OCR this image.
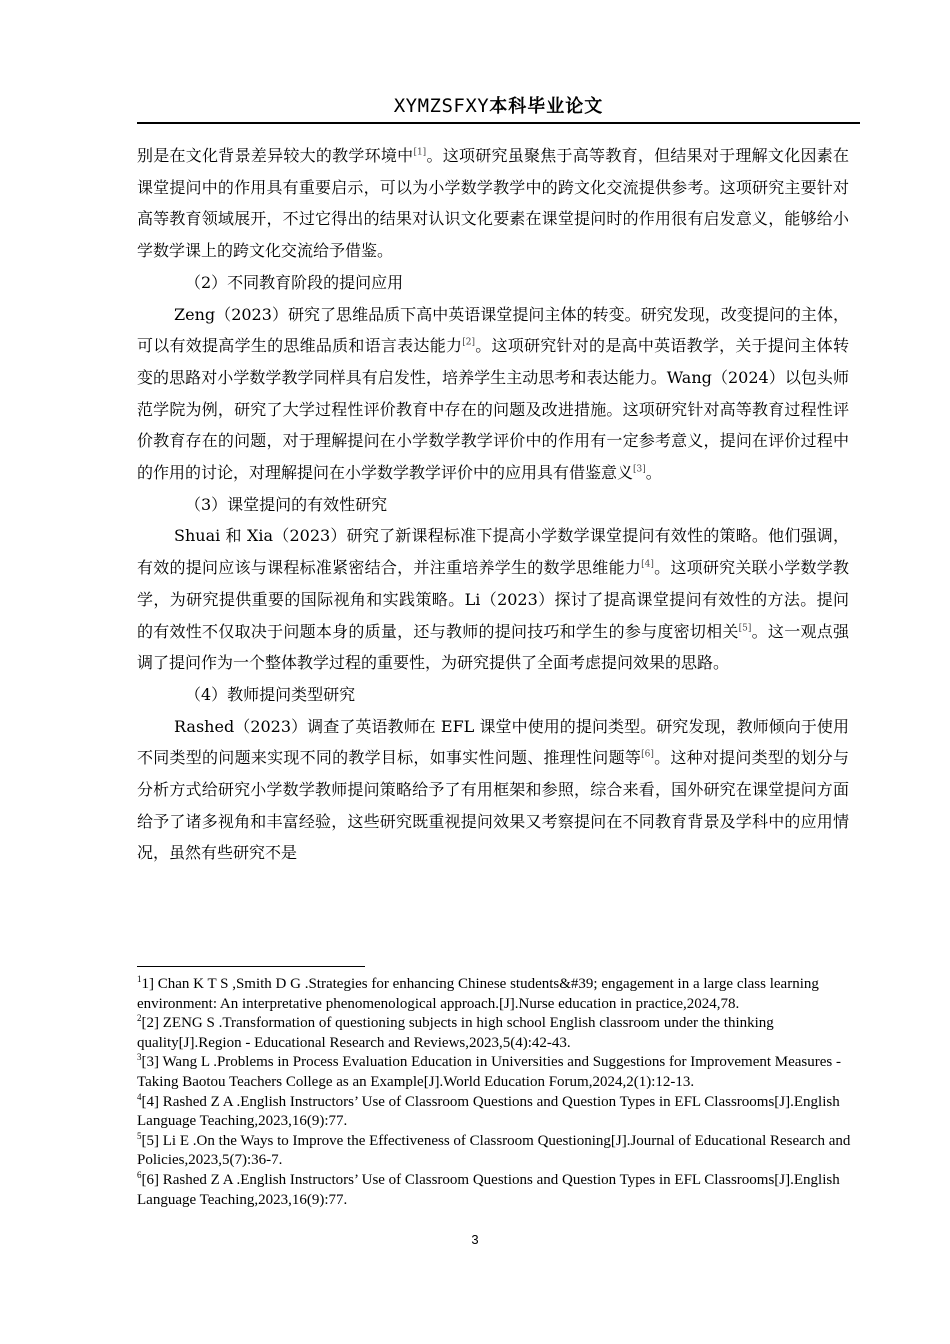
XYMZSFXY本科毕业论文

别是在文化背景差异较大的教学环境中[1]。这项研究虽聚焦于高等教育，但结果对于理解文化因素在课堂提问中的作用具有重要启示，可以为小学数学教学中的跨文化交流提供参考。这项研究主要针对高等教育领域展开，不过它得出的结果对认识文化要素在课堂提问时的作用很有启发意义，能够给小学数学课上的跨文化交流给予借鉴。

（2）不同教育阶段的提问应用

Zeng（2023）研究了思维品质下高中英语课堂提问主体的转变。研究发现，改变提问的主体，可以有效提高学生的思维品质和语言表达能力[2]。这项研究针对的是高中英语教学，关于提问主体转变的思路对小学数学教学同样具有启发性，培养学生主动思考和表达能力。Wang（2024）以包头师范学院为例，研究了大学过程性评价教育中存在的问题及改进措施。这项研究针对高等教育过程性评价教育存在的问题，对于理解提问在小学数学教学评价中的作用有一定参考意义，提问在评价过程中的作用的讨论，对理解提问在小学数学教学评价中的应用具有借鉴意义[3]。

（3）课堂提问的有效性研究

Shuai 和 Xia（2023）研究了新课程标准下提高小学数学课堂提问有效性的策略。他们强调，有效的提问应该与课程标准紧密结合，并注重培养学生的数学思维能力[4]。这项研究关联小学数学教学，为研究提供重要的国际视角和实践策略。Li（2023）探讨了提高课堂提问有效性的方法。提问的有效性不仅取决于问题本身的质量，还与教师的提问技巧和学生的参与度密切相关[5]。这一观点强调了提问作为一个整体教学过程的重要性，为研究提供了全面考虑提问效果的思路。

（4）教师提问类型研究

Rashed（2023）调查了英语教师在 EFL 课堂中使用的提问类型。研究发现，教师倾向于使用不同类型的问题来实现不同的教学目标，如事实性问题、推理性问题等[6]。这种对提问类型的划分与分析方式给研究小学数学教师提问策略给予了有用框架和参照，综合来看，国外研究在课堂提问方面给予了诸多视角和丰富经验，这些研究既重视提问效果又考察提问在不同教育背景及学科中的应用情况，虽然有些研究不是

$^1$1] Chan K T S ,Smith D G .Strategies for enhancing Chinese students&#39; engagement in a large class learning environment: An interpretative phenomenological approach.[J].Nurse education in practice,2024,78.

$^2$[2] ZENG S .Transformation of questioning subjects in high school English classroom under the thinking quality[J].Region - Educational Research and Reviews,2023,5(4):42-43.

$^3$[3] Wang L .Problems in Process Evaluation Education in Universities and Suggestions for Improvement Measures - Taking Baotou Teachers College as an Example[J].World Education Forum,2024,2(1):12-13.

$^4$[4] Rashed Z A .English Instructors’ Use of Classroom Questions and Question Types in EFL Classrooms[J].English Language Teaching,2023,16(9):77.

$^5$[5] Li E .On the Ways to Improve the Effectiveness of Classroom Questioning[J].Journal of Educational Research and Policies,2023,5(7):36-7.

$^6$[6] Rashed Z A .English Instructors’ Use of Classroom Questions and Question Types in EFL Classrooms[J].English Language Teaching,2023,16(9):77.

3
